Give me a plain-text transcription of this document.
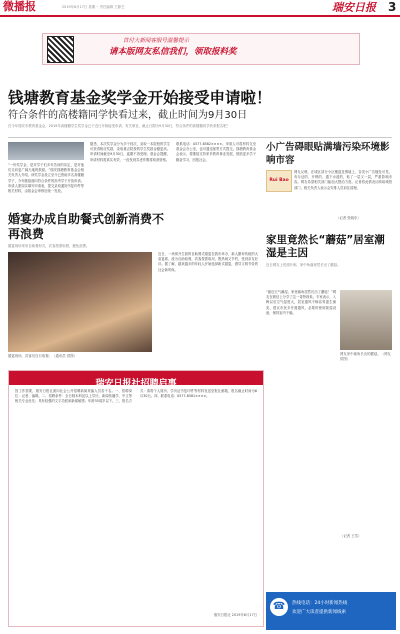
微播报	2019年6月17日 星期一 责任编辑 王静芝	瑞安日报 3
首付大新闻客服号温馨提示
请本版网友私信我们，领取报料奖
钱塘教育基金奖学金开始接受申请啦！
符合条件的高楼籍同学快看过来，截止时间为9月30日
在今年瑞安市教育基金会，2019年高楼籍学生奖学金已于近日开始接受申请，有关事宜，截止日期为9月30日，符合条件的高楼籍同学快来报名吧！
“一份奖学金，是对学子们多年苦读的肯定，是对他们走向更广阔天地的鼓励。”瑞安钱塘教育基金会相关负责人介绍，该奖学金设立至今已资助多名高楼籍学子，今年继续面向符合条件的高考学子开放申请。申请人需如实填写申请表，提交录取通知书复印件等相关材料，由基金会审核后统一发放。
据悉，本次奖学金分为多个档次，录取一本院校的学生可获得相应奖励，录取重点院校的学生奖励金额更高。申请时间截至9月30日，逾期不再受理。基金会提醒，申请材料需真实有效，一经发现弄虚作假将取消资格。
联系电话：0577-6582××××。申请人可将材料交至基金会办公室，也可通过邮寄方式提交。钱塘教育基金会表示，将继续支持家乡教育事业发展，鼓励更多学子勤奋学习、回报社会。
小广告碍眼贴满墙污染环境影响市容
Rui Bao
网友反映，在城区部分小区楼道及围墙上，各类小广告随处可见，有办证的、开锁的、通下水道的，贴了一层又一层，严重影响市容。网友希望相关部门能加大整治力度。记者将此情况反映给城管部门，相关负责人表示会安排人员前往清理。
（记者 张晓东）
婚宴办成自助餐式创新消费不再浪费
婚宴现场采用自助餐形式，宾客按需取餐，避免浪费。
婚宴现场，宾客们自行取餐。（通讯员 供图）
近日，一场别开生面的自助餐式婚宴在我市举办，新人摒弃传统的大桌宴席，改为自助取餐，宾客按需取用，既热闹又节约，受到亲友好评。据了解，越来越多的年轻人开始选择新式婚宴，倡导文明节俭的社会新风尚。
家里竟然长“蘑菇”居室潮湿是主因
近日网友上传照片称，家中角落竟然长出了蘑菇。
“最近天气潮湿，家里墙角居然长出了蘑菇！”网友在微信上分享了这一奇特现象。专家表示，入梅以后空气湿度大，居室通风不畅容易滋生菌类，建议市民多开窗通风，必要时使用除湿设备，保持室内干燥。
网友家中墙角长出的蘑菇。（网友 供图）
（记者 王雪）
瑞安日报社招聘启事
因工作需要，瑞安日报社面向社会公开招聘新闻采编人员若干名。一、招聘岗位：记者、编辑。二、招聘条件：全日制本科及以上学历，新闻传播学、中文等相关专业优先；具有较强的文字功底和新闻敏感；年龄35周岁以下。三、报名方式：请将个人简历、学历证书复印件等材料发送至报社邮箱，报名截止时间为6月30日。四、联系电话：0577-6581××××。
瑞安日报社 2019年6月17日
☎	热线电话：24小时新闻热线
欢迎广大读者提供新闻线索
